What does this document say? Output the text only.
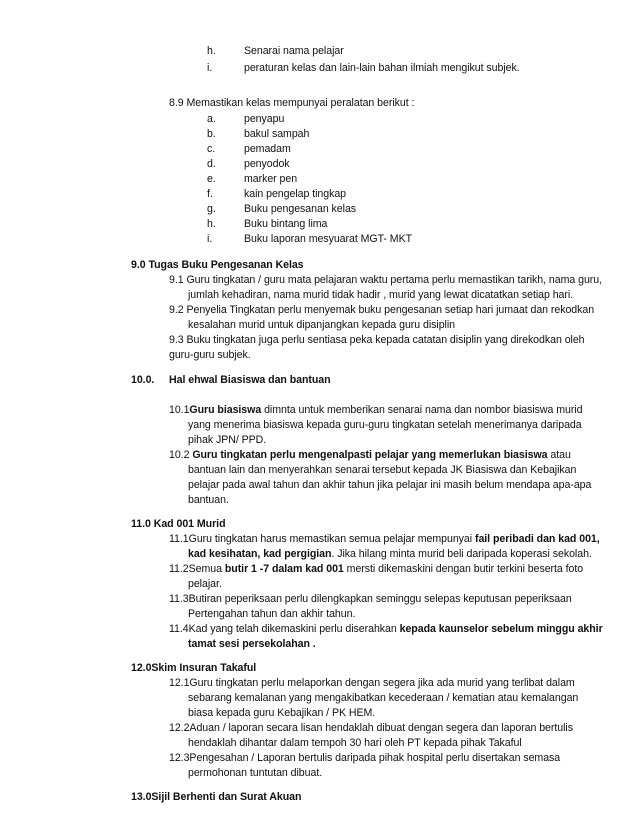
h.	Senarai nama pelajar
i.	peraturan kelas dan lain-lain bahan ilmiah mengikut subjek.
8.9 Memastikan kelas mempunyai peralatan berikut :
a.	penyapu
b.	bakul sampah
c.	pemadam
d.	penyodok
e.	marker pen
f.	kain pengelap tingkap
g.	Buku pengesanan kelas
h.	Buku bintang lima
i.	Buku laporan mesyuarat MGT- MKT
9.0 Tugas Buku Pengesanan Kelas
9.1 Guru tingkatan / guru mata pelajaran waktu pertama perlu memastikan tarikh, nama guru,
jumlah kehadiran, nama murid tidak hadir , murid yang lewat dicatatkan setiap hari.
9.2 Penyelia Tingkatan perlu menyemak buku pengesanan setiap hari jumaat dan rekodkan
kesalahan murid untuk dipanjangkan kepada guru disiplin
9.3 Buku tingkatan juga perlu sentiasa peka kepada catatan disiplin yang direkodkan oleh
guru-guru subjek.
10.0. Hal ehwal Biasiswa dan bantuan
10.1Guru biasiswa dimnta untuk memberikan senarai nama dan nombor biasiswa murid
yang menerima biasiswa kepada guru-guru tingkatan setelah menerimanya daripada
pihak JPN/ PPD.
10.2 Guru tingkatan perlu mengenalpasti pelajar yang memerlukan biasiswa atau
bantuan lain dan menyerahkan senarai tersebut kepada JK Biasiswa dan Kebajikan
pelajar pada awal tahun dan akhir tahun jika pelajar ini masih belum mendapa apa-apa
bantuan.
11.0 Kad 001 Murid
11.1Guru tingkatan harus memastikan semua pelajar mempunyai fail peribadi dan kad 001,
kad kesihatan, kad pergigian. Jika hilang minta murid beli daripada koperasi sekolah.
11.2Semua butir 1 -7 dalam kad 001 mersti dikemaskini dengan butir terkini beserta foto
pelajar.
11.3Butiran peperiksaan perlu dilengkapkan seminggu selepas keputusan peperiksaan
Pertengahan tahun dan akhir tahun.
11.4Kad yang telah dikemaskini perlu diserahkan kepada kaunselor sebelum minggu akhir
tamat sesi persekolahan .
12.0Skim Insuran Takaful
12.1Guru tingkatan perlu melaporkan dengan segera jika ada murid yang terlibat dalam
sebarang kemalanan yang mengakibatkan kecederaan / kematian atau kemalangan
biasa kepada guru Kebajikan / PK HEM.
12.2Aduan / laporan secara lisan hendaklah dibuat dengan segera dan laporan bertulis
hendaklah dihantar dalam tempoh 30 hari oleh PT kepada pihak Takaful
12.3Pengesahan / Laporan bertulis daripada pihak hospital perlu disertakan semasa
permohonan tuntutan dibuat.
13.0Sijil Berhenti dan Surat Akuan
